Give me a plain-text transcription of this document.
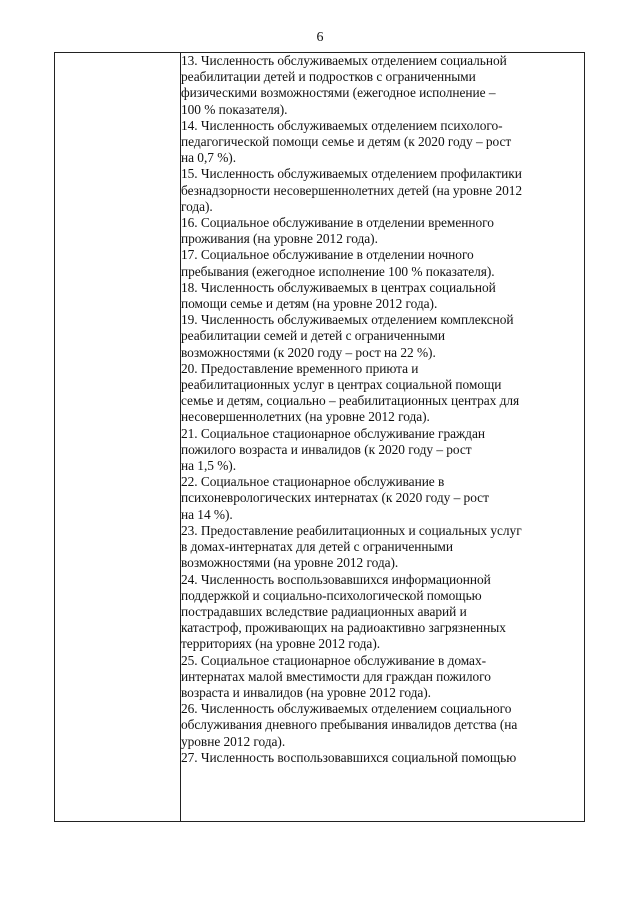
6

13. Численность обслуживаемых отделением социальной
реабилитации детей и подростков с ограниченными
физическими возможностями (ежегодное исполнение –
100 % показателя).
14. Численность обслуживаемых отделением психолого-
педагогической помощи семье и детям (к 2020 году – рост
на 0,7 %).
15. Численность обслуживаемых отделением профилактики
безнадзорности несовершеннолетних детей (на уровне 2012
года).
16. Социальное обслуживание в отделении временного
проживания (на уровне 2012 года).
17. Социальное обслуживание в отделении ночного
пребывания (ежегодное исполнение 100 % показателя).
18. Численность обслуживаемых в центрах социальной
помощи семье и детям (на уровне 2012 года).
19. Численность обслуживаемых отделением комплексной
реабилитации семей и детей с ограниченными
возможностями (к 2020 году – рост на 22 %).
20. Предоставление временного приюта и
реабилитационных услуг в центрах социальной помощи
семье и детям, социально – реабилитационных центрах для
несовершеннолетних (на уровне 2012 года).
21. Социальное стационарное обслуживание граждан
пожилого возраста и инвалидов (к 2020 году – рост
на 1,5 %).
22. Социальное стационарное обслуживание в
психоневрологических интернатах (к 2020 году – рост
на 14 %).
23. Предоставление реабилитационных и социальных услуг
в домах-интернатах для детей с ограниченными
возможностями (на уровне 2012 года).
24. Численность воспользовавшихся информационной
поддержкой и социально-психологической помощью
пострадавших вследствие радиационных аварий и
катастроф, проживающих на радиоактивно загрязненных
территориях (на уровне 2012 года).
25. Социальное стационарное обслуживание в домах-
интернатах малой вместимости для граждан пожилого
возраста и инвалидов (на уровне 2012 года).
26. Численность обслуживаемых отделением социального
обслуживания дневного пребывания инвалидов детства (на
уровне 2012 года).
27. Численность воспользовавшихся социальной помощью
